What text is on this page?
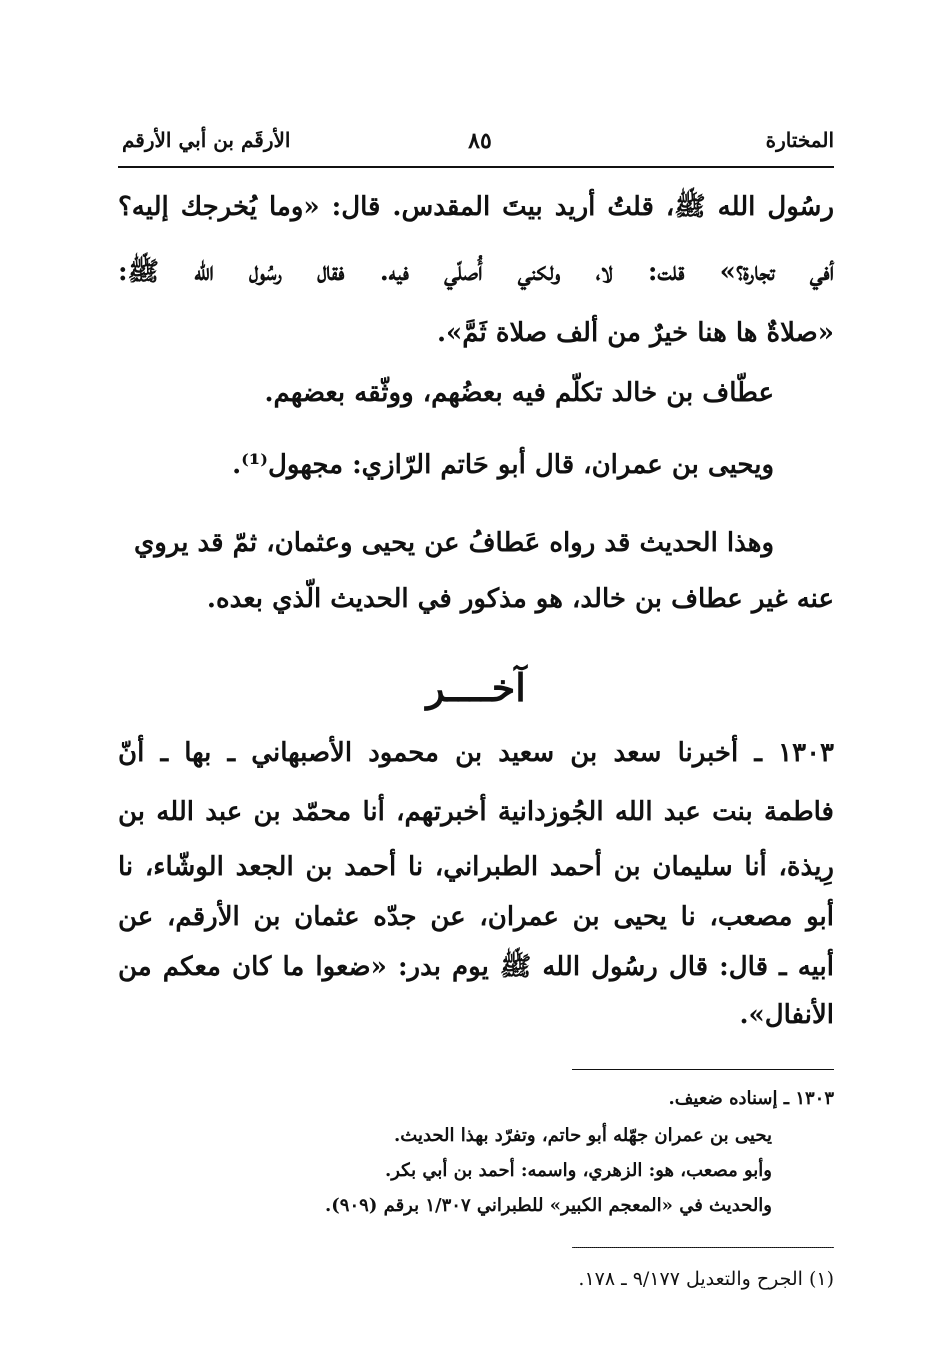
المختارة
٨٥
الأرقَم بن أبي الأرقم
رسُول الله ﷺ، قلتُ أريد بيتَ المقدس. قال: «وما يُخرجك إليه؟
أفي تجارة؟» قلت: لا، ولكني أُصلّي فيه. فقال رسُول الله ﷺ:
«صلاةٌ ها هنا خيرٌ من ألف صلاة ثَمَّ».
عطّاف بن خالد تكلّم فيه بعضُهم، ووثّقه بعضهم.
ويحيى بن عمران، قال أبو حَاتم الرّازي: مجهول⁽¹⁾.
وهذا الحديث قد رواه عَطافُ عن يحيى وعثمان، ثمّ قد يروي
عنه غير عطاف بن خالد، هو مذكور في الحديث الّذي بعده.
آخــــر
١٣٠٣ ـ أخبرنا سعد بن سعيد بن محمود الأصبهاني ـ بها ـ أنّ
فاطمة بنت عبد الله الجُوزدانية أخبرتهم، أنا محمّد بن عبد الله بن
رِيذة، أنا سليمان بن أحمد الطبراني، نا أحمد بن الجعد الوشّاء، نا
أبو مصعب، نا يحيى بن عمران، عن جدّه عثمان بن الأرقم، عن
أبيه ـ قال: قال رسُول الله ﷺ يوم بدر: «ضعوا ما كان معكم من
الأنفال».
١٣٠٣ ـ إسناده ضعيف.
يحيى بن عمران جهّله أبو حاتم، وتفرّد بهذا الحديث.
وأبو مصعب، هو: الزهري، واسمه: أحمد بن أبي بكر.
والحديث في «المعجم الكبير» للطبراني ١/٣٠٧ برقم (٩٠٩).
(١) الجرح والتعديل ٩/١٧٧ ـ ١٧٨.
